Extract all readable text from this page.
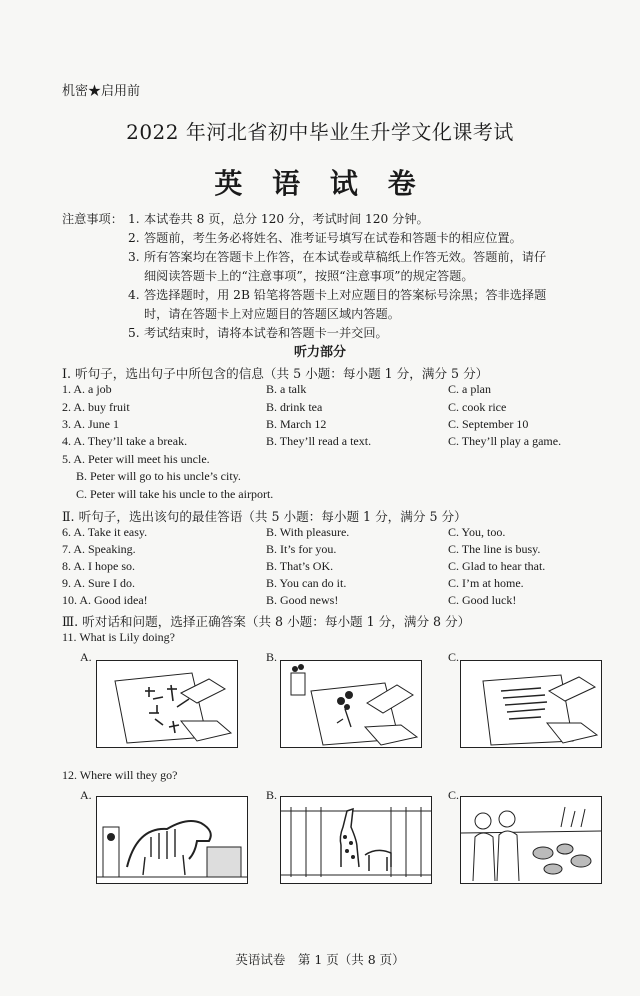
机密★启用前
2022 年河北省初中毕业生升学文化课考试
英 语 试 卷
注意事项： 1. 本试卷共 8 页，总分 120 分，考试时间 120 分钟。
2. 答题前，考生务必将姓名、准考证号填写在试卷和答题卡的相应位置。
3. 所有答案均在答题卡上作答，在本试卷或草稿纸上作答无效。答题前，请仔
细阅读答题卡上的“注意事项”，按照“注意事项”的规定答题。
4. 答选择题时，用 2B 铅笔将答题卡上对应题目的答案标号涂黑；答非选择题
时，请在答题卡上对应题目的答题区域内答题。
5. 考试结束时，请将本试卷和答题卡一并交回。
听力部分
Ⅰ. 听句子，选出句子中所包含的信息（共 5 小题：每小题 1 分，满分 5 分）
1. A. a job	B. a talk	C. a plan
2. A. buy fruit	B. drink tea	C. cook rice
3. A. June 1	B. March 12	C. September 10
4. A. They’ll take a break.	B. They’ll read a text.	C. They’ll play a game.
5. A. Peter will meet his uncle.
B. Peter will go to his uncle’s city.
C. Peter will take his uncle to the airport.
Ⅱ. 听句子，选出该句的最佳答语（共 5 小题：每小题 1 分，满分 5 分）
6. A. Take it easy.	B. With pleasure.	C. You, too.
7. A. Speaking.	B. It’s for you.	C. The line is busy.
8. A. I hope so.	B. That’s OK.	C. Glad to hear that.
9. A. Sure I do.	B. You can do it.	C. I’m at home.
10. A. Good idea!	B. Good news!	C. Good luck!
Ⅲ. 听对话和问题，选择正确答案（共 8 小题：每小题 1 分，满分 8 分）
11. What is Lily doing?
A.	B.	C.
12. Where will they go?
A.	B.	C.
英语试卷　第 1 页（共 8 页）
